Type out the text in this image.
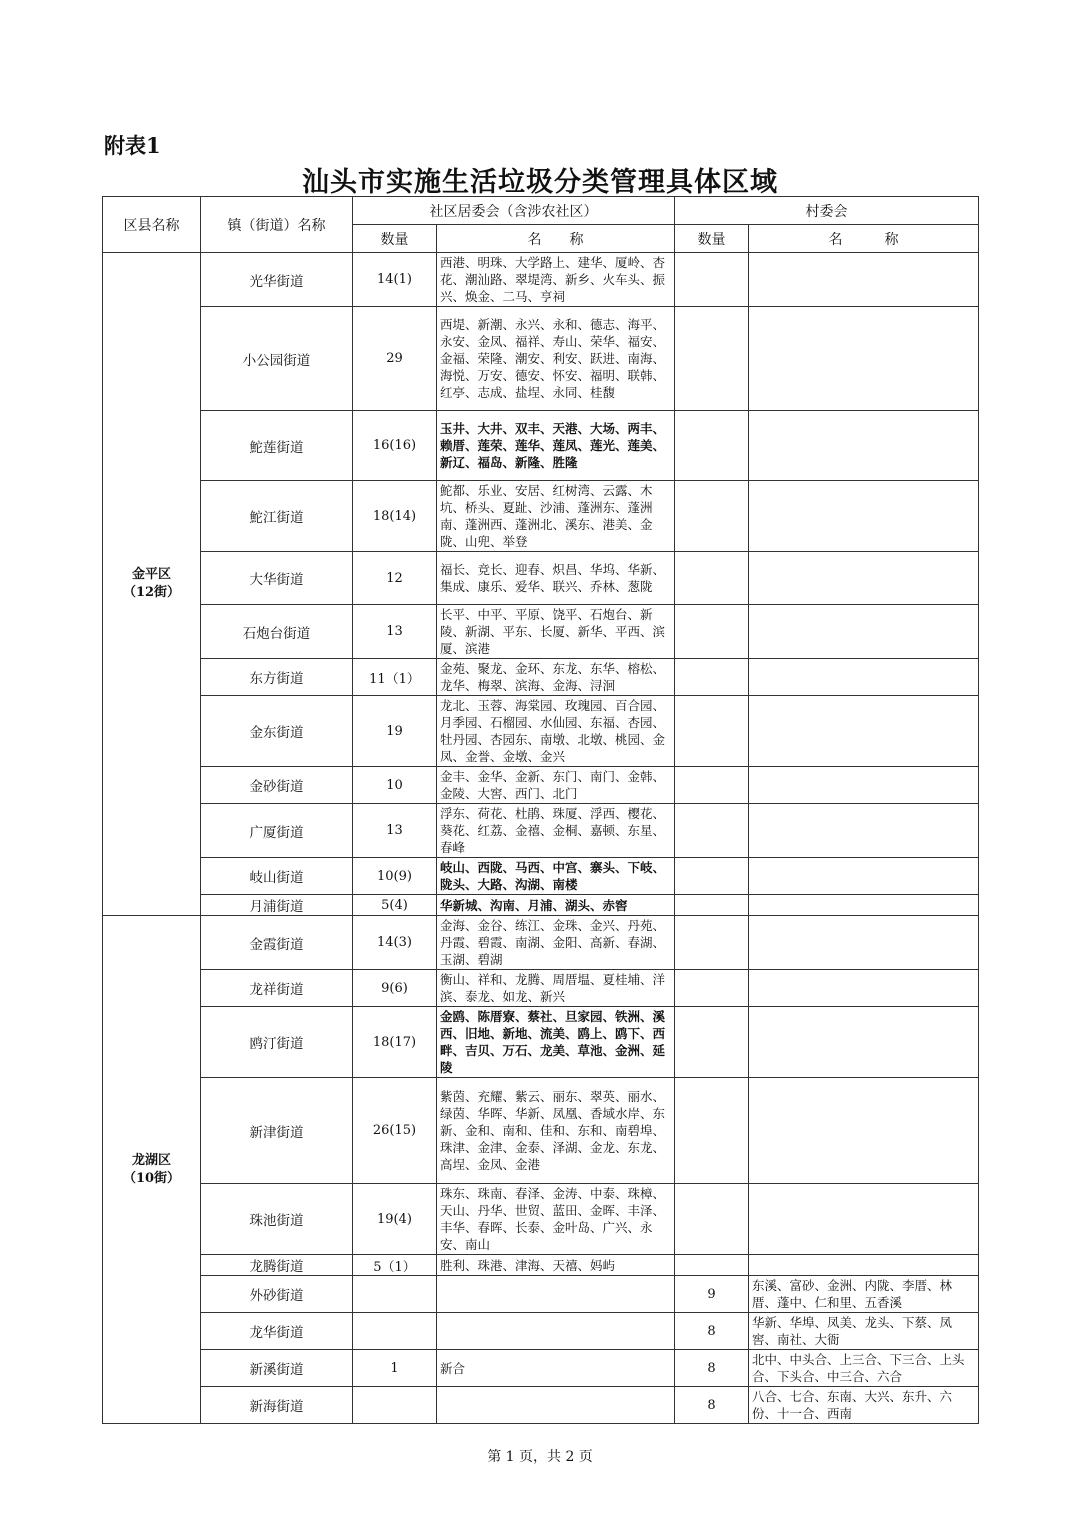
附表1
汕头市实施生活垃圾分类管理具体区域
区县名称	镇（街道）名称	社区居委会（含涉农社区）		村委会	
		数量	名　　称	数量	名　　　称

金平区
（12街）	光华街道	14(1)	西港、明珠、大学路上、建华、厦岭、杏花、潮汕路、翠堤湾、新乡、火车头、振兴、焕金、二马、亨祠		
	小公园街道	29	西堤、新潮、永兴、永和、德志、海平、永安、金凤、福祥、寿山、荣华、福安、金福、荣隆、潮安、利安、跃进、南海、海悦、万安、德安、怀安、福明、联韩、红亭、志成、盐埕、永同、桂馥		
	鮀莲街道	16(16)	玉井、大井、双丰、天港、大场、两丰、赖厝、莲荣、莲华、莲凤、莲光、莲美、新辽、福岛、新隆、胜隆		
	鮀江街道	18(14)	鮀都、乐业、安居、红树湾、云露、木坑、桥头、夏趾、沙浦、蓬洲东、蓬洲南、蓬洲西、蓬洲北、溪东、港美、金陇、山兜、举登		
	大华街道	12	福长、竞长、迎春、炽昌、华坞、华新、集成、康乐、爱华、联兴、乔林、葱陇		
	石炮台街道	13	长平、中平、平原、饶平、石炮台、新陵、新湖、平东、长厦、新华、平西、滨厦、滨港		
	东方街道	11（1）	金苑、聚龙、金环、东龙、东华、榕松、龙华、梅翠、滨海、金海、浔洄		
	金东街道	19	龙北、玉蓉、海棠园、玫瑰园、百合园、月季园、石榴园、水仙园、东福、杏园、牡丹园、杏园东、南墩、北墩、桃园、金凤、金誉、金墩、金兴		
	金砂街道	10	金丰、金华、金新、东门、南门、金韩、金陵、大窖、西门、北门		
	广厦街道	13	浮东、荷花、杜鹃、珠厦、浮西、樱花、葵花、红荔、金禧、金桐、嘉顿、东星、春峰		
	岐山街道	10(9)	岐山、西陇、马西、中宫、寨头、下岐、陇头、大路、沟湖、南楼		
	月浦街道	5(4)	华新城、沟南、月浦、湖头、赤窖		

龙湖区
（10街）	金霞街道	14(3)	金海、金谷、练江、金珠、金兴、丹苑、丹霞、碧霞、南湖、金阳、高新、春湖、玉湖、碧湖		
	龙祥街道	9(6)	衡山、祥和、龙腾、周厝塭、夏桂埔、洋滨、泰龙、如龙、新兴		
	鸥汀街道	18(17)	金鸥、陈厝寮、蔡社、旦家园、铁洲、溪西、旧地、新地、流美、鸥上、鸥下、西畔、吉贝、万石、龙美、草池、金洲、延陵		
	新津街道	26(15)	紫茵、充耀、紫云、丽东、翠英、丽水、绿茵、华晖、华新、凤凰、香域水岸、东新、金和、南和、佳和、东和、南碧埠、珠津、金津、金泰、泽湖、金龙、东龙、高埕、金凤、金港		
	珠池街道	19(4)	珠东、珠南、春泽、金涛、中泰、珠樟、天山、丹华、世贸、蓝田、金晖、丰泽、丰华、春晖、长泰、金叶岛、广兴、永安、南山		
	龙腾街道	5（1）	胜利、珠港、津海、天禧、妈屿		
	外砂街道			9	东溪、富砂、金洲、内陇、李厝、林厝、蓬中、仁和里、五香溪
	龙华街道			8	华新、华埠、凤美、龙头、下蔡、凤窖、南社、大衙
	新溪街道	1	新合	8	北中、中头合、上三合、下三合、上头合、下头合、中三合、六合
	新海街道			8	八合、七合、东南、大兴、东升、六份、十一合、西南
第 1 页，共 2 页
